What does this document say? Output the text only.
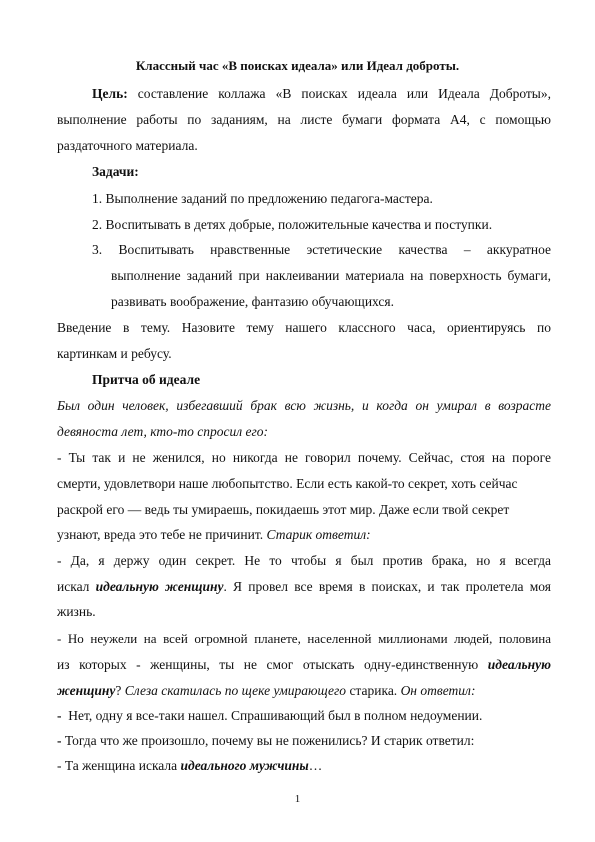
Классный час «В поисках идеала» или Идеал доброты.
Цель: составление коллажа «В поисках идеала или Идеала Доброты»,
выполнение работы по заданиям, на листе бумаги формата А4, с помощью
раздаточного материала.
Задачи:
1. Выполнение заданий по предложению педагога-мастера.
2. Воспитывать в детях добрые, положительные качества и поступки.
3. Воспитывать нравственные эстетические качества – аккуратное
выполнение заданий при наклеивании материала на поверхность бумаги,
развивать воображение, фантазию обучающихся.
Введение в тему. Назовите тему нашего классного часа, ориентируясь по
картинкам и ребусу.
Притча об идеале
Был один человек, избегавший брак всю жизнь, и когда он умирал в возрасте
девяноста лет, кто-то спросил его:
- Ты так и не женился, но никогда не говорил почему. Сейчас, стоя на пороге
смерти, удовлетвори наше любопытство. Если есть какой-то секрет, хоть сейчас
раскрой его — ведь ты умираешь, покидаешь этот мир. Даже если твой секрет
узнают, вреда это тебе не причинит. Старик ответил:
- Да, я держу один секрет. Не то чтобы я был против брака, но я всегда
искал идеальную женщину. Я провел все время в поисках, и так пролетела моя
жизнь.
- Но неужели на всей огромной планете, населенной миллионами людей, половина
из которых - женщины, ты не смог отыскать одну-единственную идеальную
женщину? Слеза скатилась по щеке умирающего старика. Он ответил:
- Нет, одну я все-таки нашел. Спрашивающий был в полном недоумении.
- Тогда что же произошло, почему вы не поженились? И старик ответил:
- Та женщина искала идеального мужчины…
1
